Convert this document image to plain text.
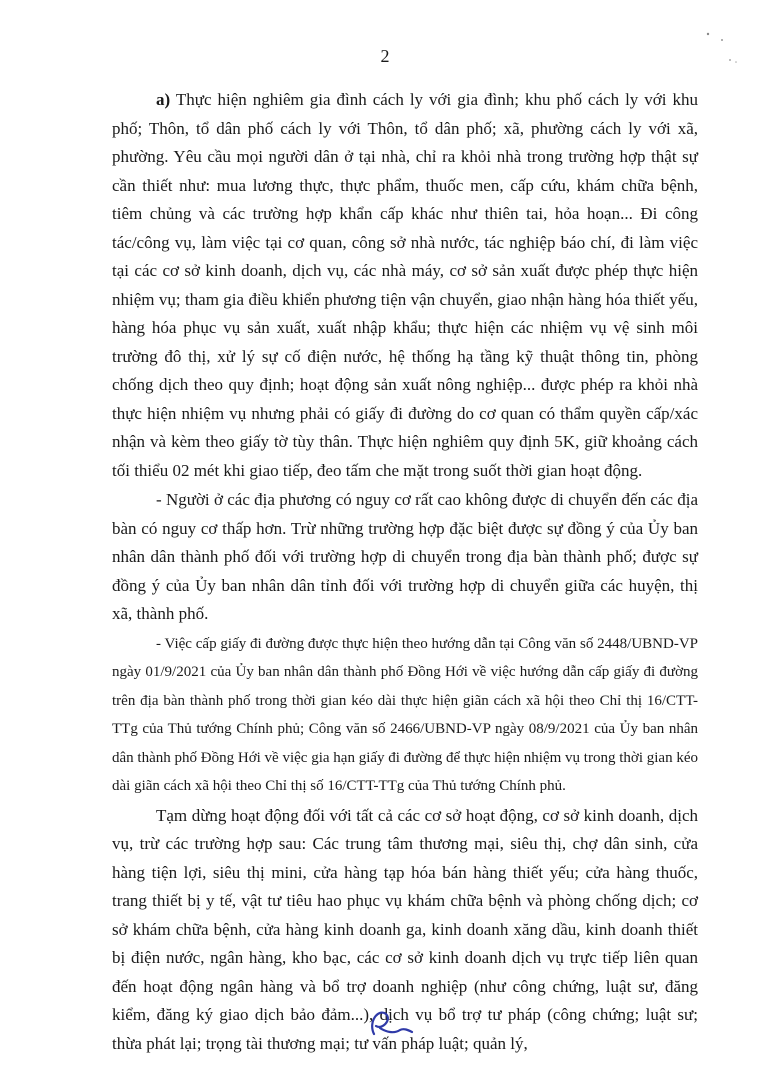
2

a) Thực hiện nghiêm gia đình cách ly với gia đình; khu phố cách ly với khu phố; Thôn, tổ dân phố cách ly với Thôn, tổ dân phố; xã, phường cách ly với xã, phường. Yêu cầu mọi người dân ở tại nhà, chỉ ra khỏi nhà trong trường hợp thật sự cần thiết như: mua lương thực, thực phẩm, thuốc men, cấp cứu, khám chữa bệnh, tiêm chủng và các trường hợp khẩn cấp khác như thiên tai, hỏa hoạn... Đi công tác/công vụ, làm việc tại cơ quan, công sở nhà nước, tác nghiệp báo chí, đi làm việc tại các cơ sở kinh doanh, dịch vụ, các nhà máy, cơ sở sản xuất được phép thực hiện nhiệm vụ; tham gia điều khiển phương tiện vận chuyển, giao nhận hàng hóa thiết yếu, hàng hóa phục vụ sản xuất, xuất nhập khẩu; thực hiện các nhiệm vụ vệ sinh môi trường đô thị, xử lý sự cố điện nước, hệ thống hạ tầng kỹ thuật thông tin, phòng chống dịch theo quy định; hoạt động sản xuất nông nghiệp... được phép ra khỏi nhà thực hiện nhiệm vụ nhưng phải có giấy đi đường do cơ quan có thẩm quyền cấp/xác nhận và kèm theo giấy tờ tùy thân. Thực hiện nghiêm quy định 5K, giữ khoảng cách tối thiểu 02 mét khi giao tiếp, đeo tấm che mặt trong suốt thời gian hoạt động.

- Người ở các địa phương có nguy cơ rất cao không được di chuyển đến các địa bàn có nguy cơ thấp hơn. Trừ những trường hợp đặc biệt được sự đồng ý của Ủy ban nhân dân thành phố đối với trường hợp di chuyển trong địa bàn thành phố; được sự đồng ý của Ủy ban nhân dân tỉnh đối với trường hợp di chuyển giữa các huyện, thị xã, thành phố.

- Việc cấp giấy đi đường được thực hiện theo hướng dẫn tại Công văn số 2448/UBND-VP ngày 01/9/2021 của Ủy ban nhân dân thành phố Đồng Hới về việc hướng dẫn cấp giấy đi đường trên địa bàn thành phố trong thời gian kéo dài thực hiện giãn cách xã hội theo Chỉ thị 16/CTT-TTg của Thủ tướng Chính phủ; Công văn số 2466/UBND-VP ngày 08/9/2021 của Ủy ban nhân dân thành phố Đồng Hới về việc gia hạn giấy đi đường để thực hiện nhiệm vụ trong thời gian kéo dài giãn cách xã hội theo Chỉ thị số 16/CTT-TTg của Thủ tướng Chính phủ.

Tạm dừng hoạt động đối với tất cả các cơ sở hoạt động, cơ sở kinh doanh, dịch vụ, trừ các trường hợp sau: Các trung tâm thương mại, siêu thị, chợ dân sinh, cửa hàng tiện lợi, siêu thị mini, cửa hàng tạp hóa bán hàng thiết yếu; cửa hàng thuốc, trang thiết bị y tế, vật tư tiêu hao phục vụ khám chữa bệnh và phòng chống dịch; cơ sở khám chữa bệnh, cửa hàng kinh doanh ga, kinh doanh xăng dầu, kinh doanh thiết bị điện nước, ngân hàng, kho bạc, các cơ sở kinh doanh dịch vụ trực tiếp liên quan đến hoạt động ngân hàng và bổ trợ doanh nghiệp (như công chứng, luật sư, đăng kiểm, đăng ký giao dịch bảo đảm...), dịch vụ bổ trợ tư pháp (công chứng; luật sư; thừa phát lại; trọng tài thương mại; tư vấn pháp luật; quản lý,
